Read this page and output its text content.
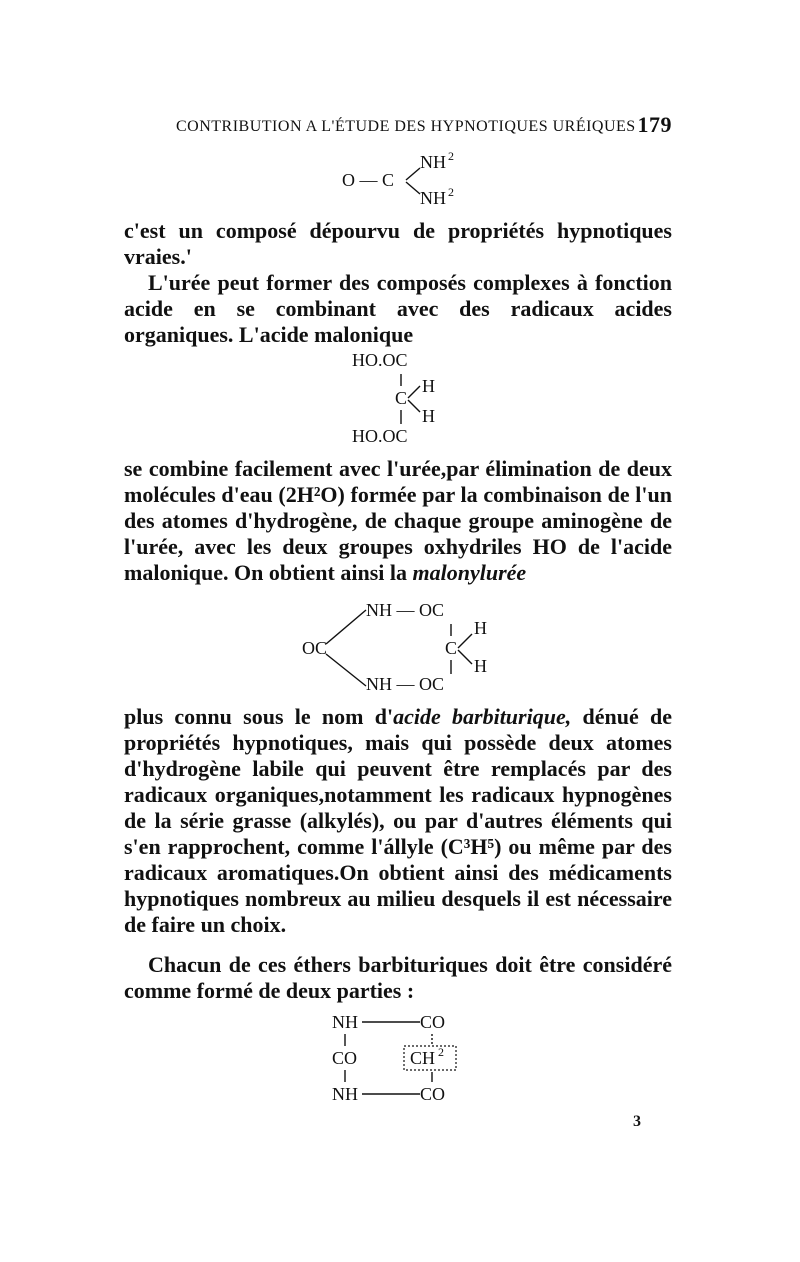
CONTRIBUTION A L'ÉTUDE DES HYPNOTIQUES URÉIQUES 179
O — C
NH 2
NH 2

c'est un composé dépourvu de propriétés hypnotiques vraies.'

L'urée peut former des composés complexes à fonction acide en se combinant avec des radicaux acides organiques. L'acide malonique

HO.OC
C
H
H
HO.OC

se combine facilement avec l'urée,par élimination de deux molécules d'eau (2H²O) formée par la combinaison de l'un des atomes d'hydrogène, de chaque groupe aminogène de l'urée, avec les deux groupes oxhydriles HO de l'acide malonique. On obtient ainsi la malonylurée

OC
NH — OC
C
H
H
NH — OC

plus connu sous le nom d'acide barbiturique, dénué de propriétés hypnotiques, mais qui possède deux atomes d'hydrogène labile qui peuvent être remplacés par des radicaux organiques,notamment les radicaux hypnogènes de la série grasse (alkylés), ou par d'autres éléments qui s'en rapprochent, comme l'állyle (C³H⁵) ou même par des radicaux aromatiques.On obtient ainsi des médicaments hypnotiques nombreux au milieu desquels il est nécessaire de faire un choix.

Chacun de ces éthers barbituriques doit être considéré comme formé de deux parties :

NH	CO
CO	CH 2
NH	CO
3
